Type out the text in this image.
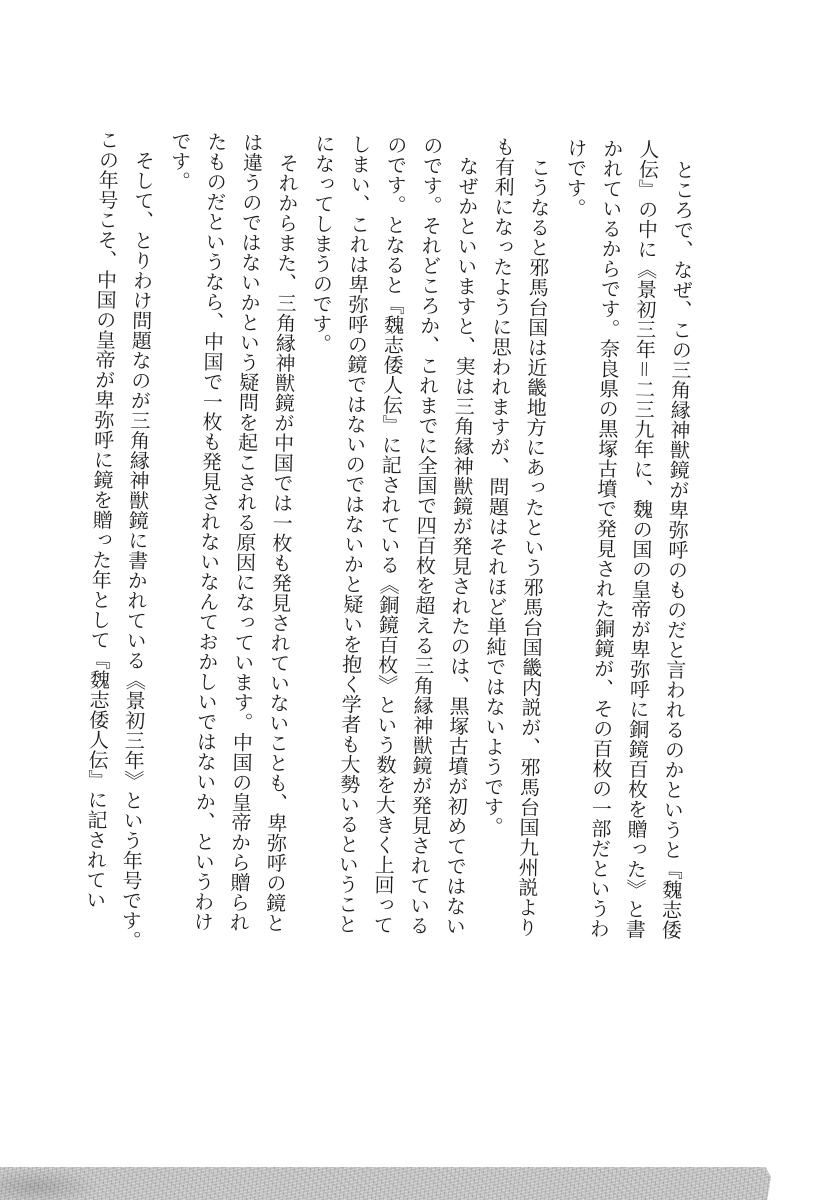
　ところで、なぜ、この三角縁神獣鏡が卑弥呼のものだと言われるのかというと『魏志倭
人伝』の中に《景初三年＝二三九年に、魏の国の皇帝が卑弥呼に銅鏡百枚を贈った》と書
かれているからです。奈良県の黒塚古墳で発見された銅鏡が、その百枚の一部だというわ
けです。
　こうなると邪馬台国は近畿地方にあったという邪馬台国畿内説が、邪馬台国九州説より
も有利になったように思われますが、問題はそれほど単純ではないようです。
　なぜかといいますと、実は三角縁神獣鏡が発見されたのは、黒塚古墳が初めてではない
のです。それどころか、これまでに全国で四百枚を超える三角縁神獣鏡が発見されている
のです。となると『魏志倭人伝』に記されている《銅鏡百枚》という数を大きく上回って
しまい、これは卑弥呼の鏡ではないのではないかと疑いを抱く学者も大勢いるということ
になってしまうのです。
　それからまた、三角縁神獣鏡が中国では一枚も発見されていないことも、卑弥呼の鏡と
は違うのではないかという疑問を起こされる原因になっています。中国の皇帝から贈られ
たものだというなら、中国で一枚も発見されないなんておかしいではないか、というわけ
です。
　そして、とりわけ問題なのが三角縁神獣鏡に書かれている《景初三年》という年号です。
この年号こそ、中国の皇帝が卑弥呼に鏡を贈った年として『魏志倭人伝』に記されてい
